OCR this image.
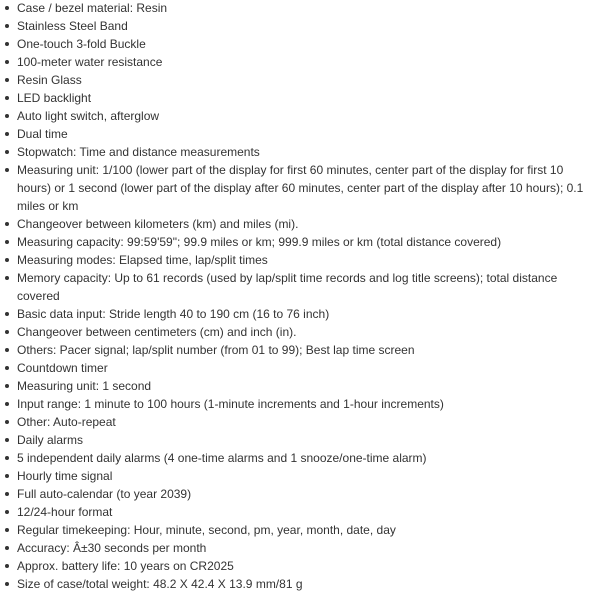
Case / bezel material: Resin
Stainless Steel Band
One-touch 3-fold Buckle
100-meter water resistance
Resin Glass
LED backlight
Auto light switch, afterglow
Dual time
Stopwatch: Time and distance measurements
Measuring unit: 1/100 (lower part of the display for first 60 minutes, center part of the display for first 10 hours) or 1 second (lower part of the display after 60 minutes, center part of the display after 10 hours); 0.1 miles or km
Changeover between kilometers (km) and miles (mi).
Measuring capacity: 99:59'59"; 99.9 miles or km; 999.9 miles or km (total distance covered)
Measuring modes: Elapsed time, lap/split times
Memory capacity: Up to 61 records (used by lap/split time records and log title screens); total distance covered
Basic data input: Stride length 40 to 190 cm (16 to 76 inch)
Changeover between centimeters (cm) and inch (in).
Others: Pacer signal; lap/split number (from 01 to 99); Best lap time screen
Countdown timer
Measuring unit: 1 second
Input range: 1 minute to 100 hours (1-minute increments and 1-hour increments)
Other: Auto-repeat
Daily alarms
5 independent daily alarms (4 one-time alarms and 1 snooze/one-time alarm)
Hourly time signal
Full auto-calendar (to year 2039)
12/24-hour format
Regular timekeeping: Hour, minute, second, pm, year, month, date, day
Accuracy: Â±30 seconds per month
Approx. battery life: 10 years on CR2025
Size of case/total weight: 48.2 X 42.4 X 13.9 mm/81 g
